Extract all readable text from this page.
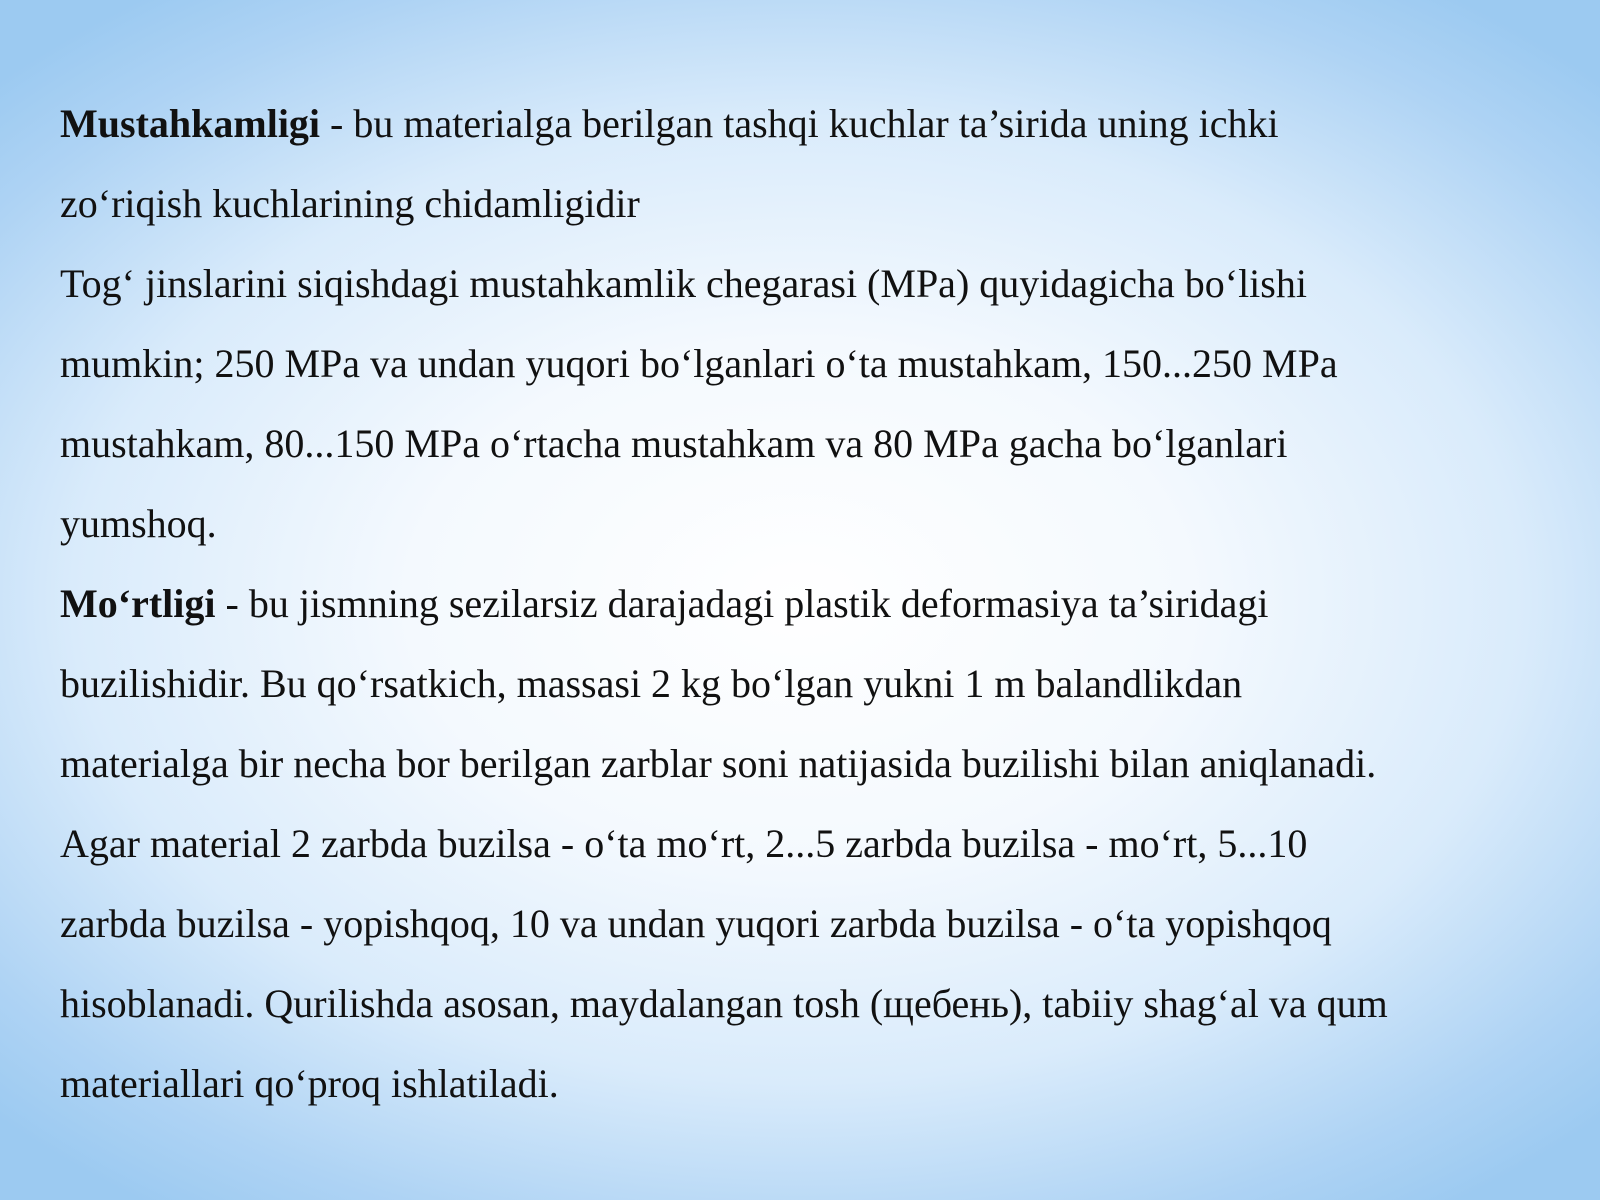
Mustahkamligi - bu materialga berilgan tashqi kuchlar ta’sirida uning ichki

zo‘riqish kuchlarining chidamligidir

Tog‘ jinslarini siqishdagi mustahkamlik chegarasi (MPa) quyidagicha bo‘lishi

mumkin; 250 MPa va undan yuqori bo‘lganlari o‘ta mustahkam, 150...250 MPa

mustahkam, 80...150 MPa o‘rtacha mustahkam va 80 MPa gacha bo‘lganlari

yumshoq.

Mo‘rtligi - bu jismning sezilarsiz darajadagi plastik deformasiya ta’siridagi

buzilishidir. Bu qo‘rsatkich, massasi 2 kg bo‘lgan yukni 1 m balandlikdan

materialga bir necha bor berilgan zarblar soni natijasida buzilishi bilan aniqlanadi.

Agar material 2 zarbda buzilsa - o‘ta mo‘rt, 2...5 zarbda buzilsa - mo‘rt, 5...10

zarbda buzilsa - yopishqoq, 10 va undan yuqori zarbda buzilsa - o‘ta yopishqoq

hisoblanadi. Qurilishda asosan, maydalangan tosh (щебень), tabiiy shag‘al va qum

materiallari qo‘proq ishlatiladi.
